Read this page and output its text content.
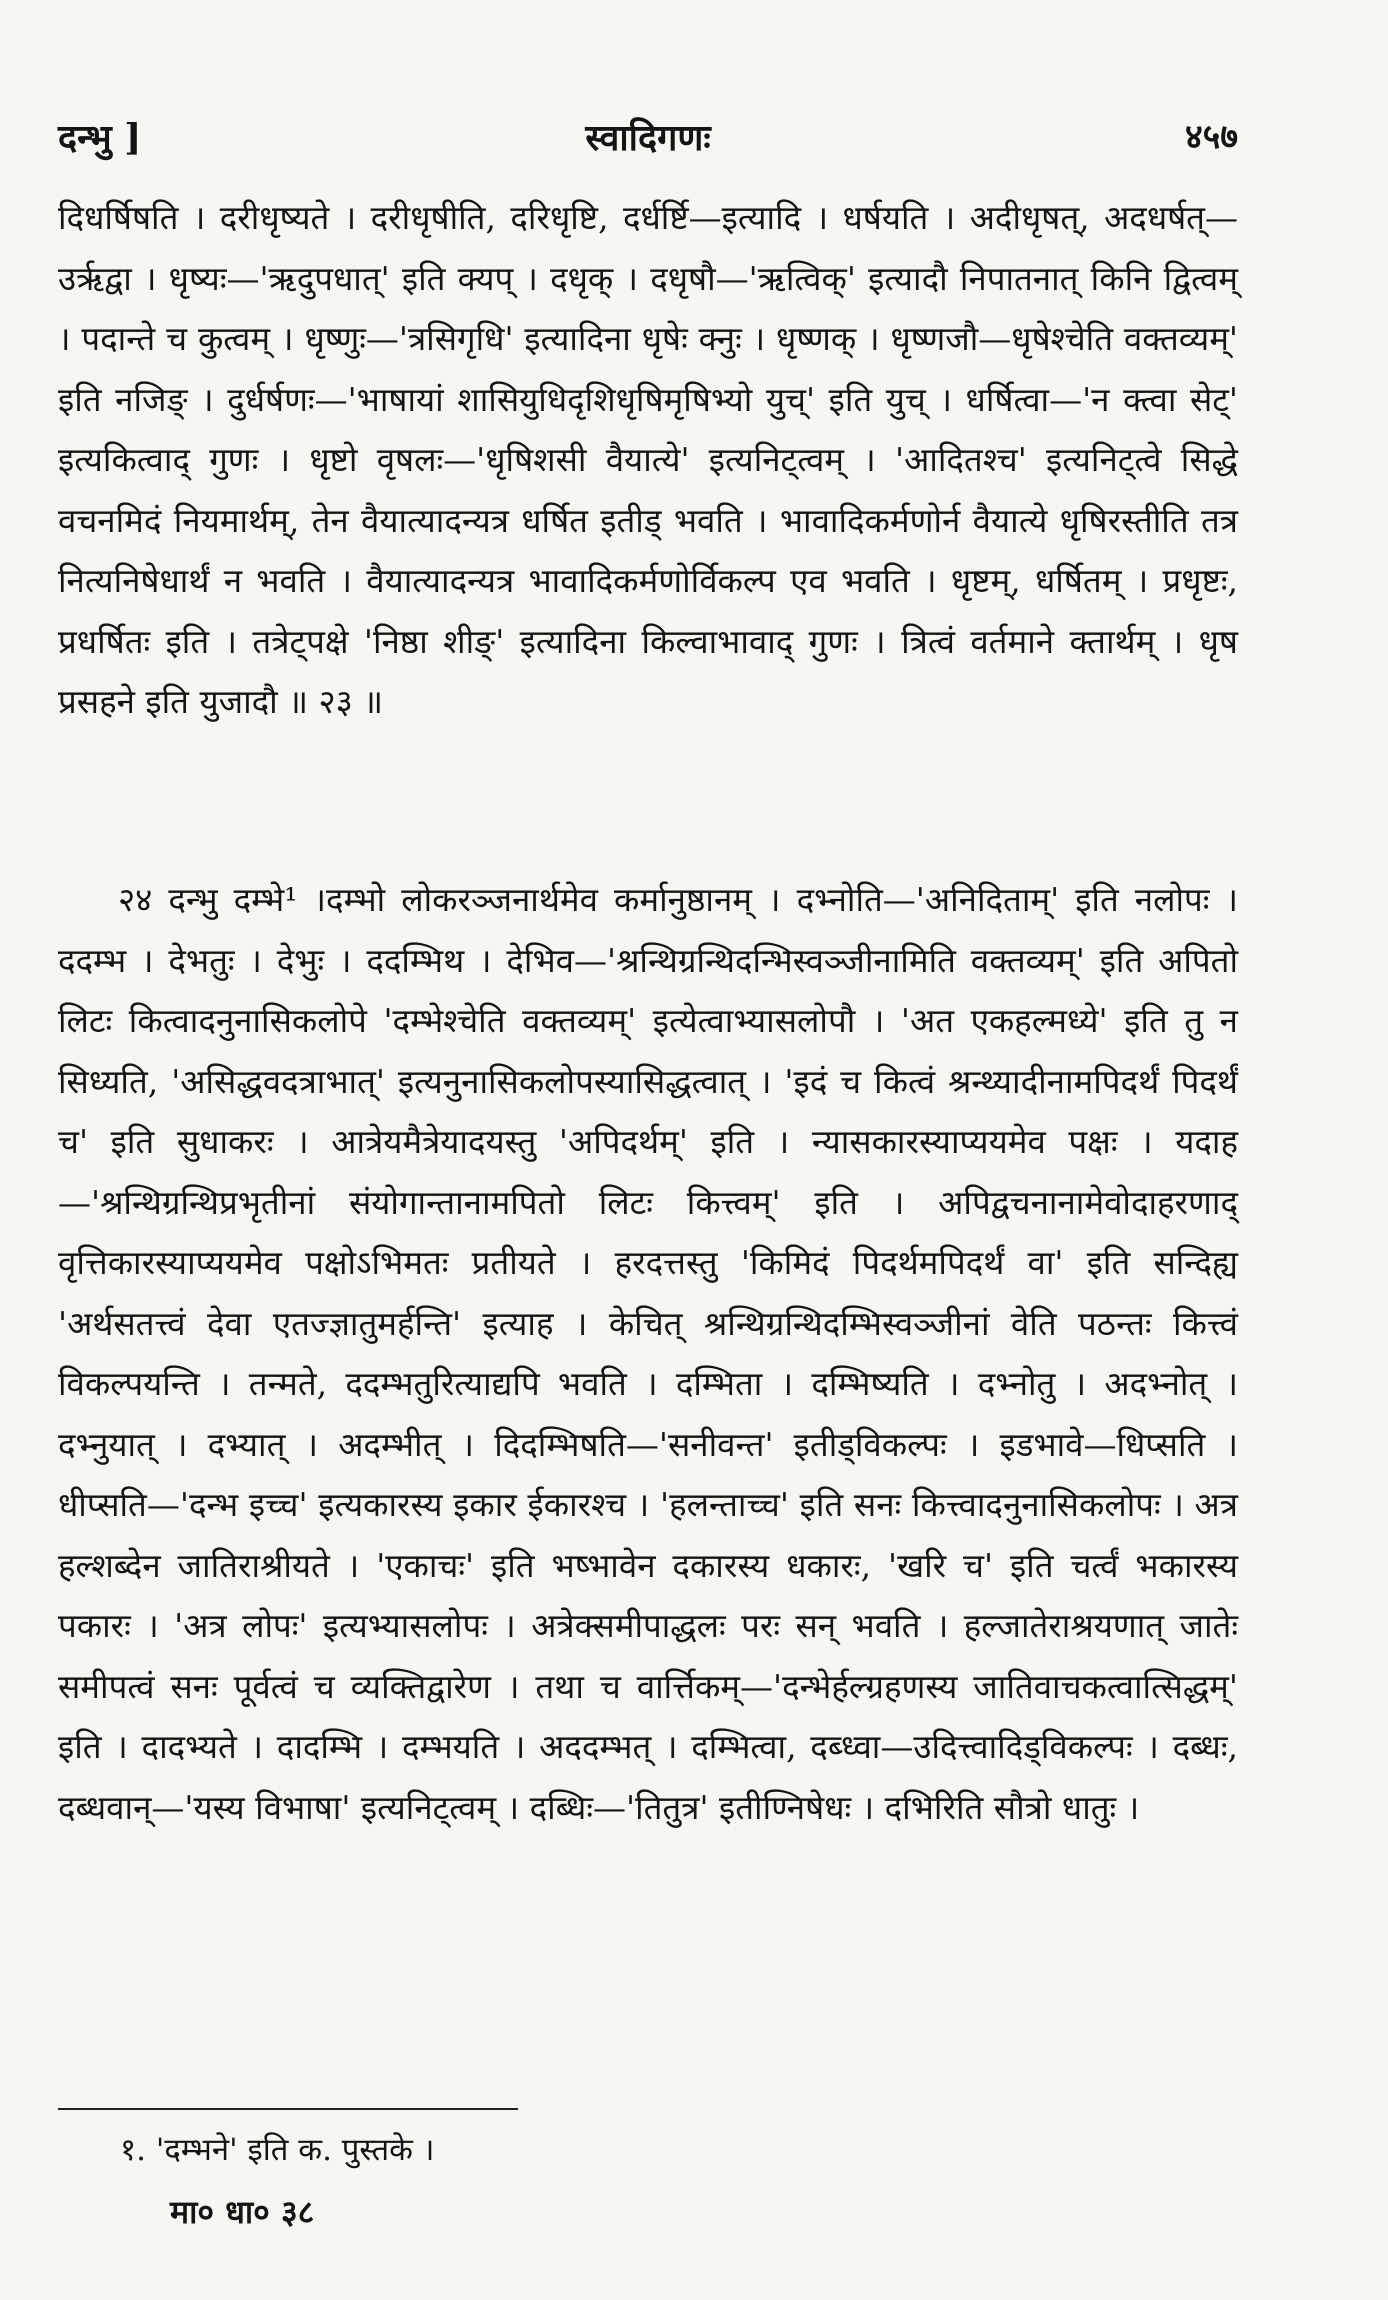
दन्भु ]	स्वादिगणः	४५७
दिधर्षिषति । दरीधृष्यते । दरीधृषीति, दरिधृष्टि, दर्धर्ष्टि—इत्यादि । धर्षयति । अदीधृषत्, अदधर्षत्—उर्ऋद्वा । धृष्यः—'ऋदुपधात्' इति क्यप् । दधृक् । दधृषौ—'ऋत्विक्' इत्यादौ निपातनात् किनि द्वित्वम् । पदान्ते च कुत्वम् । धृष्णुः—'त्रसिगृधि' इत्यादिना धृषेः क्नुः । धृष्णक् । धृष्णजौ—धृषेश्चेति वक्तव्यम्' इति नजिङ् । दुर्धर्षणः—'भाषायां शासियुधिदृशिधृषिमृषिभ्यो युच्' इति युच् । धर्षित्वा—'न क्त्वा सेट्' इत्यकित्वाद् गुणः । धृष्टो वृषलः—'धृषिशसी वैयात्ये' इत्यनिट्त्वम् । 'आदितश्च' इत्यनिट्त्वे सिद्धे वचनमिदं नियमार्थम्, तेन वैयात्यादन्यत्र धर्षित इतीड् भवति । भावादिकर्मणोर्न वैयात्ये धृषिरस्तीति तत्र नित्यनिषेधार्थं न भवति । वैयात्यादन्यत्र भावादिकर्मणोर्विकल्प एव भवति । धृष्टम्, धर्षितम् । प्रधृष्टः, प्रधर्षितः इति । तत्रेट्पक्षे 'निष्ठा शीङ्' इत्यादिना किल्वाभावाद् गुणः । त्रित्वं वर्तमाने क्तार्थम् । धृष प्रसहने इति युजादौ ॥ २३ ॥
२४ दन्भु दम्भे¹ ।दम्भो लोकरञ्जनार्थमेव कर्मानुष्ठानम् । दभ्नोति—'अनिदिताम्' इति नलोपः । ददम्भ । देभतुः । देभुः । ददम्भिथ । देभिव—'श्रन्थिग्रन्थिदन्भिस्वञ्जीनामिति वक्तव्यम्' इति अपितो लिटः कित्वादनुनासिकलोपे 'दम्भेश्चेति वक्तव्यम्' इत्येत्वाभ्यासलोपौ । 'अत एकहल्मध्ये' इति तु न सिध्यति, 'असिद्धवदत्राभात्' इत्यनुनासिकलोपस्यासिद्धत्वात् । 'इदं च कित्वं श्रन्थ्यादीनामपिदर्थं पिदर्थं च' इति सुधाकरः । आत्रेयमैत्रेयादयस्तु 'अपिदर्थम्' इति । न्यासकारस्याप्ययमेव पक्षः । यदाह—'श्रन्थिग्रन्थिप्रभृतीनां संयोगान्तानामपितो लिटः कित्त्वम्' इति । अपिद्वचनानामेवोदाहरणाद् वृत्तिकारस्याप्ययमेव पक्षोऽभिमतः प्रतीयते । हरदत्तस्तु 'किमिदं पिदर्थमपिदर्थं वा' इति सन्दिह्य 'अर्थसतत्त्वं देवा एतज्ज्ञातुमर्हन्ति' इत्याह । केचित् श्रन्थिग्रन्थिदम्भिस्वञ्जीनां वेति पठन्तः कित्त्वं विकल्पयन्ति । तन्मते, ददम्भतुरित्याद्यपि भवति । दम्भिता । दम्भिष्यति । दभ्नोतु । अदभ्नोत् । दभ्नुयात् । दभ्यात् । अदम्भीत् । दिदम्भिषति—'सनीवन्त' इतीड्विकल्पः । इडभावे—धिप्सति । धीप्सति—'दन्भ इच्च' इत्यकारस्य इकार ईकारश्च । 'हलन्ताच्च' इति सनः कित्त्वादनुनासिकलोपः । अत्र हल्शब्देन जातिराश्रीयते । 'एकाचः' इति भष्भावेन दकारस्य धकारः, 'खरि च' इति चर्त्वं भकारस्य पकारः । 'अत्र लोपः' इत्यभ्यासलोपः । अत्रेक्समीपाद्धलः परः सन् भवति । हल्जातेराश्रयणात् जातेः समीपत्वं सनः पूर्वत्वं च व्यक्तिद्वारेण । तथा च वार्त्तिकम्—'दन्भेर्हल्ग्रहणस्य जातिवाचकत्वात्सिद्धम्' इति । दादभ्यते । दादम्भि । दम्भयति । अददम्भत् । दम्भित्वा, दब्ध्वा—उदित्त्वादिड्विकल्पः । दब्धः, दब्धवान्—'यस्य विभाषा' इत्यनिट्त्वम् । दब्धिः—'तितुत्र' इतीण्निषेधः । दभिरिति सौत्रो धातुः ।
१. 'दम्भने' इति क. पुस्तके ।
मा० धा० ३८
